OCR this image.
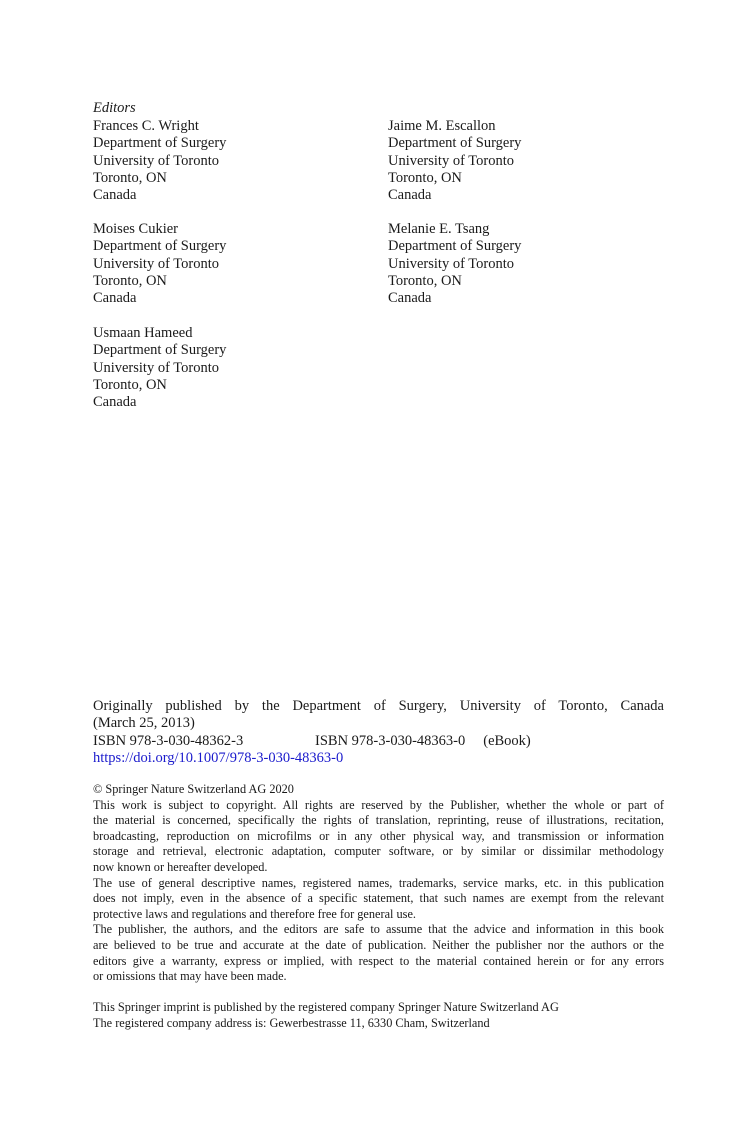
Editors
Frances C. Wright
Department of Surgery
University of Toronto
Toronto, ON
Canada
Jaime M. Escallon
Department of Surgery
University of Toronto
Toronto, ON
Canada
Moises Cukier
Department of Surgery
University of Toronto
Toronto, ON
Canada
Melanie E. Tsang
Department of Surgery
University of Toronto
Toronto, ON
Canada
Usmaan Hameed
Department of Surgery
University of Toronto
Toronto, ON
Canada
Originally published by the Department of Surgery, University of Toronto, Canada
(March 25, 2013)
ISBN 978-3-030-48362-3	ISBN 978-3-030-48363-0 (eBook)
https://doi.org/10.1007/978-3-030-48363-0

© Springer Nature Switzerland AG 2020

This work is subject to copyright. All rights are reserved by the Publisher, whether the whole or part of
the material is concerned, specifically the rights of translation, reprinting, reuse of illustrations, recitation,
broadcasting, reproduction on microfilms or in any other physical way, and transmission or information
storage and retrieval, electronic adaptation, computer software, or by similar or dissimilar methodology
now known or hereafter developed.

The use of general descriptive names, registered names, trademarks, service marks, etc. in this publication
does not imply, even in the absence of a specific statement, that such names are exempt from the relevant
protective laws and regulations and therefore free for general use.

The publisher, the authors, and the editors are safe to assume that the advice and information in this book
are believed to be true and accurate at the date of publication. Neither the publisher nor the authors or the
editors give a warranty, express or implied, with respect to the material contained herein or for any errors
or omissions that may have been made.

This Springer imprint is published by the registered company Springer Nature Switzerland AG
The registered company address is: Gewerbestrasse 11, 6330 Cham, Switzerland
